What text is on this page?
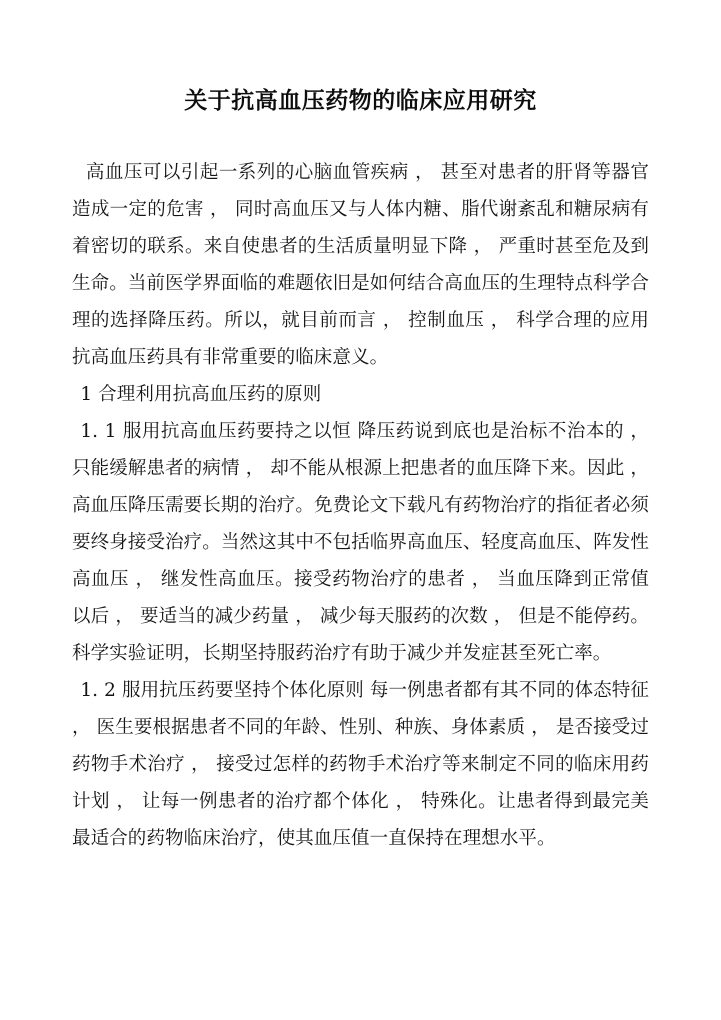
关于抗高血压药物的临床应用研究

高血压可以引起一系列的心脑血管疾病 ， 甚至对患者的肝肾等器官造成一定的危害 ， 同时高血压又与人体内糖、脂代谢紊乱和糖尿病有着密切的联系。来自使患者的生活质量明显下降 ， 严重时甚至危及到生命。当前医学界面临的难题依旧是如何结合高血压的生理特点科学合理的选择降压药。所以，就目前而言 ， 控制血压 ， 科学合理的应用抗高血压药具有非常重要的临床意义。

1 合理利用抗高血压药的原则

1. 1 服用抗高血压药要持之以恒 降压药说到底也是治标不治本的 ， 只能缓解患者的病情 ， 却不能从根源上把患者的血压降下来。因此 ， 高血压降压需要长期的治疗。免费论文下载凡有药物治疗的指征者必须要终身接受治疗。当然这其中不包括临界高血压、轻度高血压、阵发性高血压 ， 继发性高血压。接受药物治疗的患者 ， 当血压降到正常值以后 ， 要适当的减少药量 ， 减少每天服药的次数 ， 但是不能停药。科学实验证明，长期坚持服药治疗有助于减少并发症甚至死亡率。

1. 2 服用抗压药要坚持个体化原则 每一例患者都有其不同的体态特征 ， 医生要根据患者不同的年龄、性别、种族、身体素质 ， 是否接受过药物手术治疗 ， 接受过怎样的药物手术治疗等来制定不同的临床用药计划 ， 让每一例患者的治疗都个体化 ， 特殊化。让患者得到最完美最适合的药物临床治疗，使其血压值一直保持在理想水平。
